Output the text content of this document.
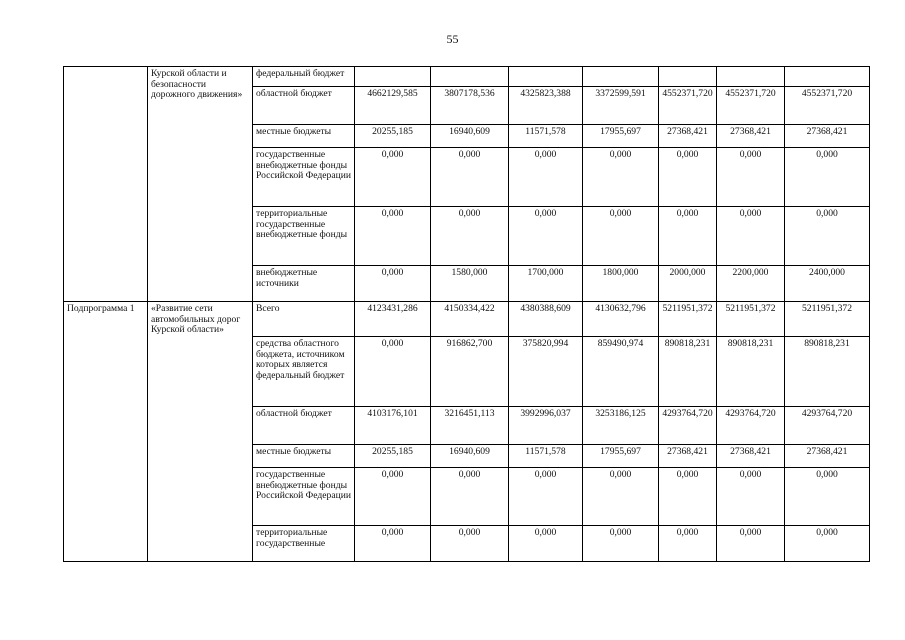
55
	Курской области и безопасности дорожного движения»	федеральный бюджет							
		областной бюджет	4662129,585	3807178,536	4325823,388	3372599,591	4552371,720	4552371,720	4552371,720
		местные бюджеты	20255,185	16940,609	11571,578	17955,697	27368,421	27368,421	27368,421
		государственные внебюджетные фонды Российской Федерации	0,000	0,000	0,000	0,000	0,000	0,000	0,000
		территориальные государственные внебюджетные фонды	0,000	0,000	0,000	0,000	0,000	0,000	0,000
		внебюджетные источники	0,000	1580,000	1700,000	1800,000	2000,000	2200,000	2400,000
Подпрограмма 1	«Развитие сети автомобильных дорог Курской области»	Всего	4123431,286	4150334,422	4380388,609	4130632,796	5211951,372	5211951,372	5211951,372
		средства областного бюджета, источником которых является федеральный бюджет	0,000	916862,700	375820,994	859490,974	890818,231	890818,231	890818,231
		областной бюджет	4103176,101	3216451,113	3992996,037	3253186,125	4293764,720	4293764,720	4293764,720
		местные бюджеты	20255,185	16940,609	11571,578	17955,697	27368,421	27368,421	27368,421
		государственные внебюджетные фонды Российской Федерации	0,000	0,000	0,000	0,000	0,000	0,000	0,000
		территориальные государственные	0,000	0,000	0,000	0,000	0,000	0,000	0,000
